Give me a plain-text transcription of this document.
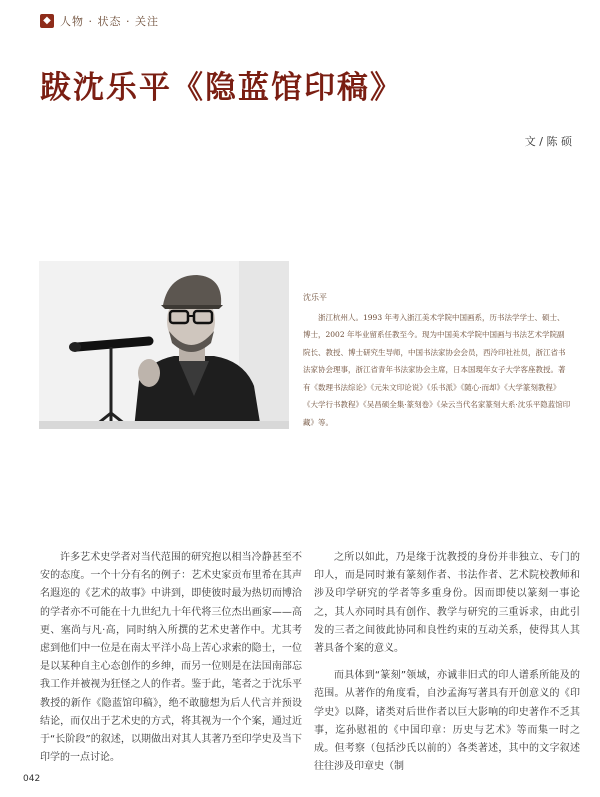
◆ 人物 · 状态 · 关注
跋沈乐平《隐蓝馆印稿》
文 / 陈 硕
沈乐平
浙江杭州人。1993 年考入浙江美术学院中国画系，历书法学学士、硕士、博士，2002 年毕业留系任教至今。现为中国美术学院中国画与书法艺术学院副院长、教授、博士研究生导师，中国书法家协会会员，西泠印社社员，浙江省书法家协会理事，浙江省青年书法家协会主席，日本国現年女子大学客座教授。著有《数理书法综论》《元朱文印论说》《乐书派》《随心·而却》《大学篆刻教程》《大学行书教程》《吴昌硕全集·篆刻卷》《朵云当代名家篆刻大系·沈乐平隐蓝馆印藏》等。

许多艺术史学者对当代范围的研究抱以相当冷静甚至不安的态度。一个十分有名的例子：艺术史家贡布里希在其声名遐迩的《艺术的故事》中讲到，即使彼时最为热切而博洽的学者亦不可能在十九世纪九十年代将三位杰出画家——高更、塞尚与凡·高，同时纳入所撰的艺术史著作中。尤其考虑到他们中一位是在南太平洋小岛上苦心求索的隐士，一位是以某种自主心态创作的乡绅，而另一位则是在法国南部忘我工作并被视为狂怪之人的作者。鉴于此，笔者之于沈乐平教授的新作《隐蓝馆印稿》，绝不敢臆想为后人代言并预设结论，而仅出于艺术史的方式，将其视为一个个案，通过近于“长阶段”的叙述，以期做出对其人其著乃至印学史及当下印学的一点讨论。

之所以如此，乃是缘于沈教授的身份并非独立、专门的印人，而是同时兼有篆刻作者、书法作者、艺术院校教师和涉及印学研究的学者等多重身份。因而即使以篆刻一事论之，其人亦同时具有创作、教学与研究的三重诉求，由此引发的三者之间彼此协同和良性约束的互动关系，使得其人其著具备个案的意义。

而具体到“篆刻”领域，亦诚非旧式的印人谱系所能及的范围。从著作的角度看，自沙孟海写著具有开创意义的《印学史》以降，诸类对后世作者以巨大影响的印史著作不乏其事，迄孙慰祖的《中国印章：历史与艺术》等而集一时之成。但考察（包括沙氏以前的）各类著述，其中的文字叙述往往涉及印章史（制

042
